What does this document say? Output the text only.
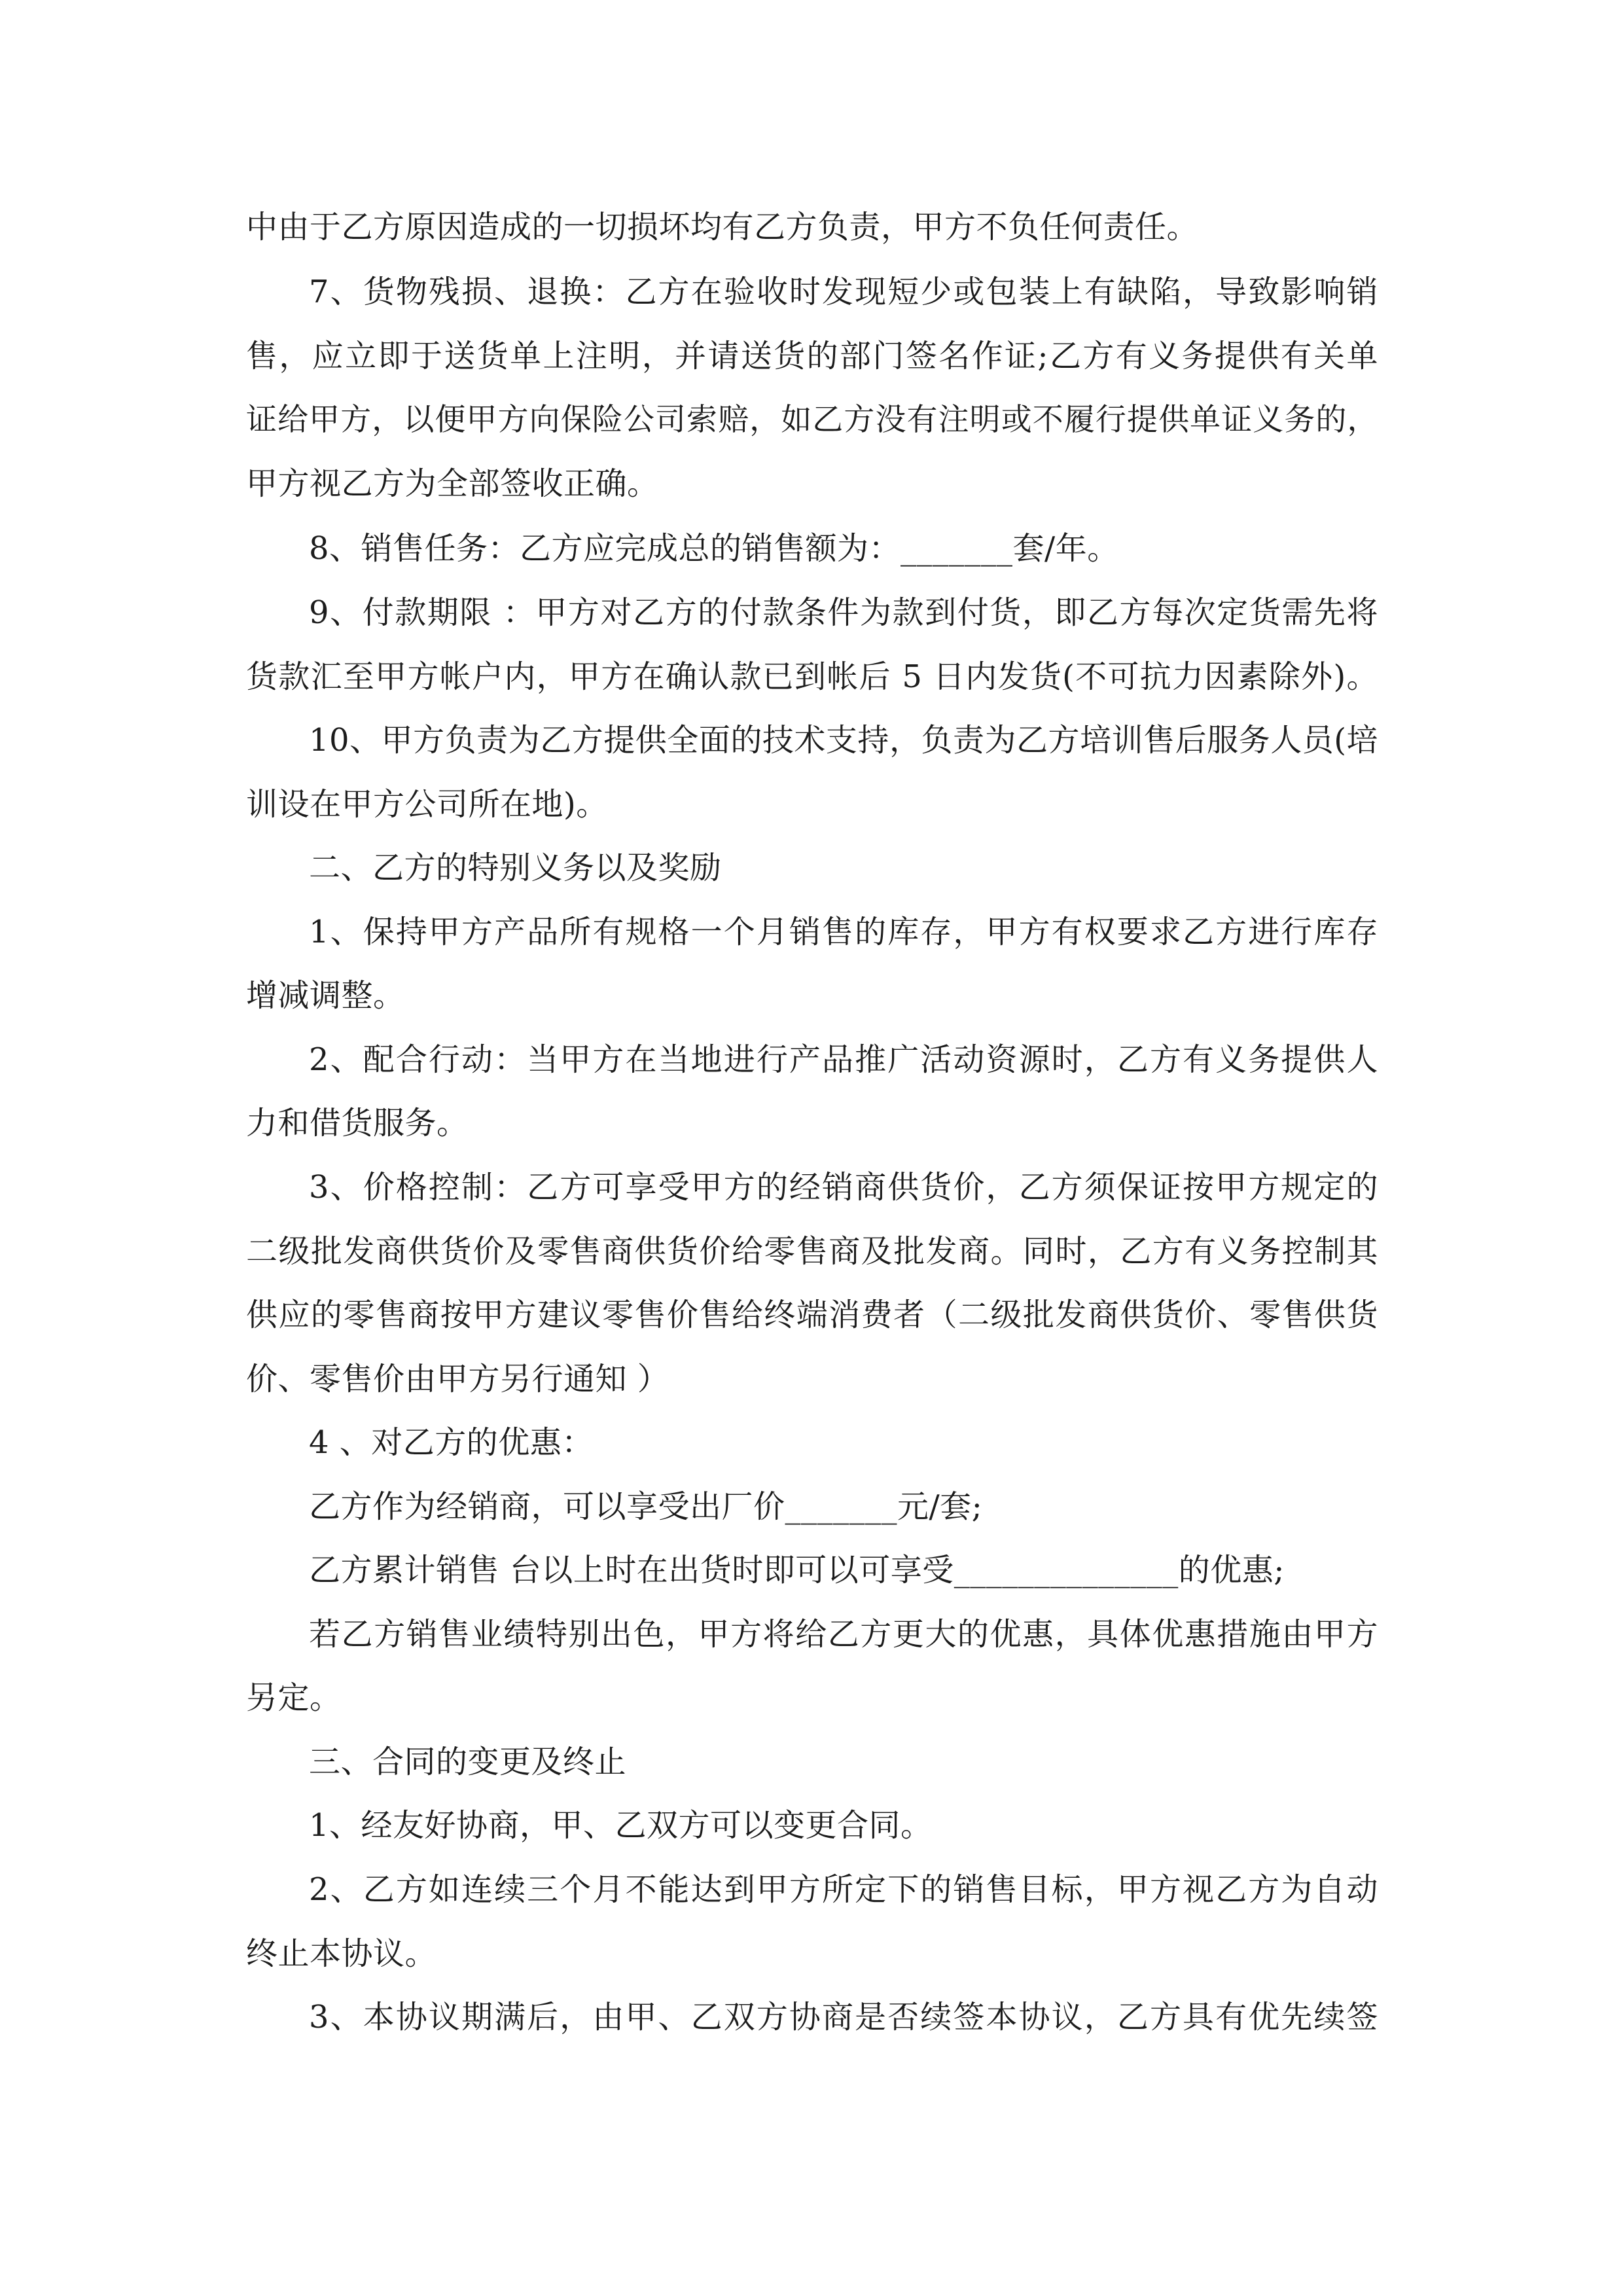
中由于乙方原因造成的一切损坏均有乙方负责，甲方不负任何责任。

7、货物残损、退换：乙方在验收时发现短少或包装上有缺陷，导致影响销

售，应立即于送货单上注明，并请送货的部门签名作证;乙方有义务提供有关单

证给甲方，以便甲方向保险公司索赔，如乙方没有注明或不履行提供单证义务的，

甲方视乙方为全部签收正确。

8、销售任务：乙方应完成总的销售额为：_______套/年。

9、付款期限 ：甲方对乙方的付款条件为款到付货，即乙方每次定货需先将

货款汇至甲方帐户内，甲方在确认款已到帐后 5 日内发货(不可抗力因素除外)。

10、甲方负责为乙方提供全面的技术支持，负责为乙方培训售后服务人员(培

训设在甲方公司所在地)。

二、乙方的特别义务以及奖励

1、保持甲方产品所有规格一个月销售的库存，甲方有权要求乙方进行库存

增减调整。

2、配合行动：当甲方在当地进行产品推广活动资源时，乙方有义务提供人

力和借货服务。

3、价格控制：乙方可享受甲方的经销商供货价，乙方须保证按甲方规定的

二级批发商供货价及零售商供货价给零售商及批发商。同时，乙方有义务控制其

供应的零售商按甲方建议零售价售给终端消费者（二级批发商供货价、零售供货

价、零售价由甲方另行通知 ）

4 、对乙方的优惠：

乙方作为经销商，可以享受出厂价_______元/套;

乙方累计销售 台以上时在出货时即可以可享受______________的优惠;

若乙方销售业绩特别出色，甲方将给乙方更大的优惠，具体优惠措施由甲方

另定。

三、合同的变更及终止

1、经友好协商，甲、乙双方可以变更合同。

2、乙方如连续三个月不能达到甲方所定下的销售目标，甲方视乙方为自动

终止本协议。

3、本协议期满后，由甲、乙双方协商是否续签本协议，乙方具有优先续签
